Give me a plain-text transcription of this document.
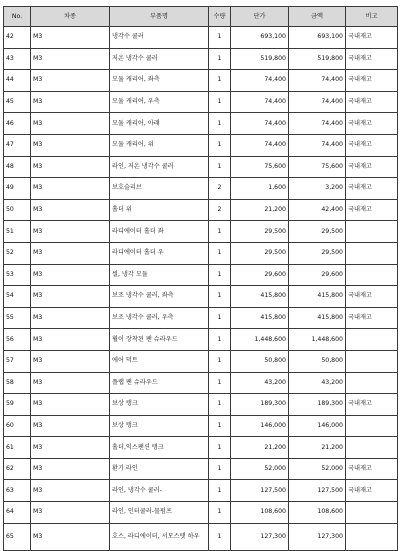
No.	차종	부품명	수량	단가	금액	비고
42	M3	냉각수 쿨러	1	693,100	693,100	국내재고
43	M3	저온 냉각수 쿨러	1	519,800	519,800	국내재고
44	M3	모듈 캐리어, 좌측	1	74,400	74,400	국내재고
45	M3	모듈 캐리어, 우측	1	74,400	74,400	국내재고
46	M3	모듈 캐리어, 아래	1	74,400	74,400	국내재고
47	M3	모듈 캐리어, 위	1	74,400	74,400	국내재고
48	M3	라인, 저온 냉각수 쿨러	1	75,600	75,600	국내재고
49	M3	보호슬리브	2	1,600	3,200	국내재고
50	M3	홀더 위	2	21,200	42,400	국내재고
51	M3	라디에이터 홀더 좌	1	29,500	29,500	
52	M3	라디에이터 홀더 우	1	29,500	29,500	
53	M3	씰, 냉각 모듈	1	29,600	29,600	
54	M3	보조 냉각수 쿨러, 좌측	1	415,800	415,800	국내재고
55	M3	보조 냉각수 쿨러, 우측	1	415,800	415,800	국내재고
56	M3	휠이 장착된 팬 슈라우드	1	1,448,600	1,448,600	
57	M3	에어 덕트	1	50,800	50,800	
58	M3	플랩 팬 슈라우드	1	43,200	43,200	
59	M3	보상 탱크	1	189,300	189,300	국내재고
60	M3	보상 탱크	1	146,000	146,000	
61	M3	홀더,익스팬션 탱크	1	21,200	21,200	
62	M3	환기 라인	1	52,000	52,000	국내재고
63	M3	라인, 냉각수 쿨러-	1	127,500	127,500	국내재고
64	M3	라인, 인터쿨러-물펌프	1	108,600	108,600	
65	M3	호스, 라디에이터, 서모스탯 하우	1	127,300	127,300	
